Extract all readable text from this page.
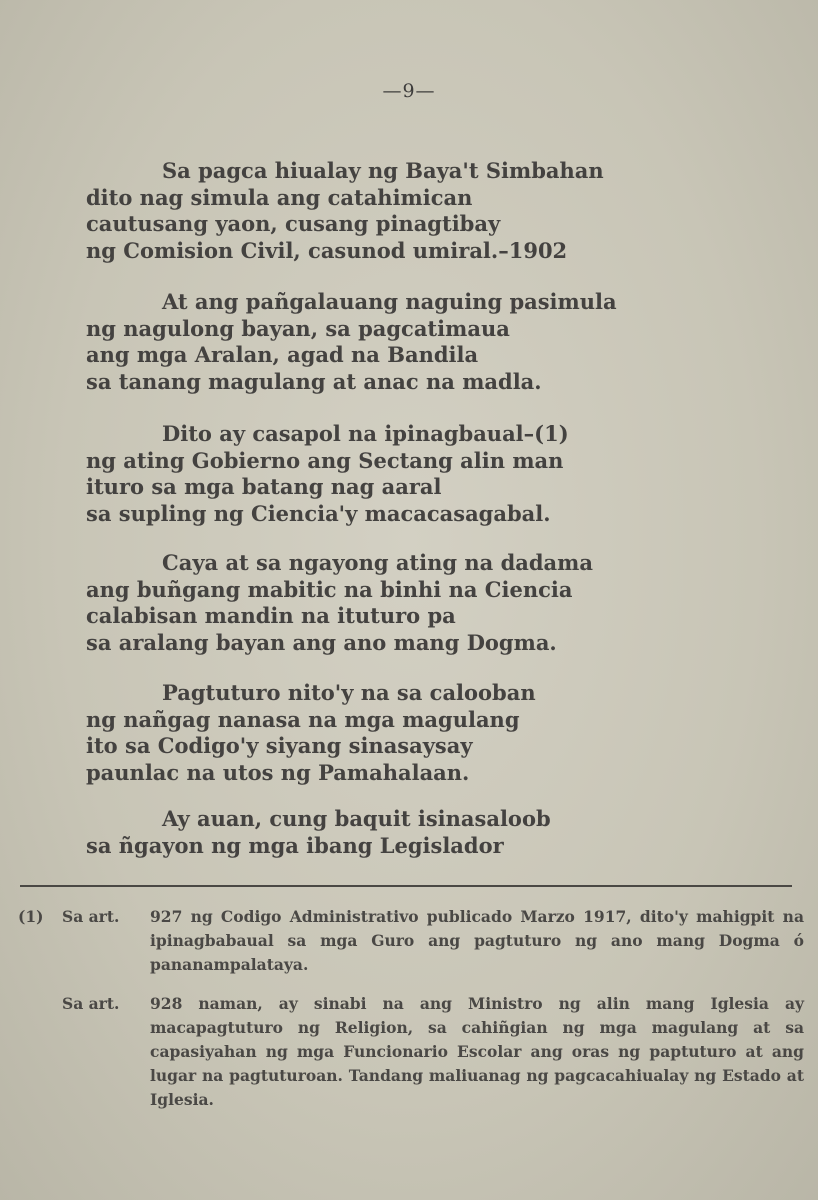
—9—
Sa pagca hiualay ng Baya't Simbahan
dito nag simula ang catahimican
cautusang yaon, cusang pinagtibay
ng Comision Civil, casunod umiral.–1902
At ang pañgalauang naguing pasimula
ng nagulong bayan, sa pagcatimaua
ang mga Aralan, agad na Bandila
sa tanang magulang at anac na madla.
Dito ay casapol na ipinagbaual–(1)
ng ating Gobierno ang Sectang alin man
ituro sa mga batang nag aaral
sa supling ng Ciencia'y macacasagabal.
Caya at sa ngayong ating na dadama
ang buñgang mabitic na binhi na Ciencia
calabisan mandin na ituturo pa
sa aralang bayan ang ano mang Dogma.
Pagtuturo nito'y na sa calooban
ng nañgag nanasa na mga magulang
ito sa Codigo'y siyang sinasaysay
paunlac na utos ng Pamahalaan.
Ay auan, cung baquit isinasaloob
sa ñgayon ng mga ibang Legislador
(1) Sa art. 927 ng Codigo Administrativo publicado Marzo 1917, dito'y mahigpit na ipinagbabaual sa mga Guro ang pagtuturo ng ano mang Dogma ó pananampalataya.
Sa art. 928 naman, ay sinabi na ang Ministro ng alin mang Iglesia ay macapagtuturo ng Religion, sa cahiñgian ng mga magulang at sa capasiyahan ng mga Funcionario Escolar ang oras ng paptuturo at ang lugar na pagtuturoan. Tandang maliuanag ng pagcacahiualay ng Estado at Iglesia.
